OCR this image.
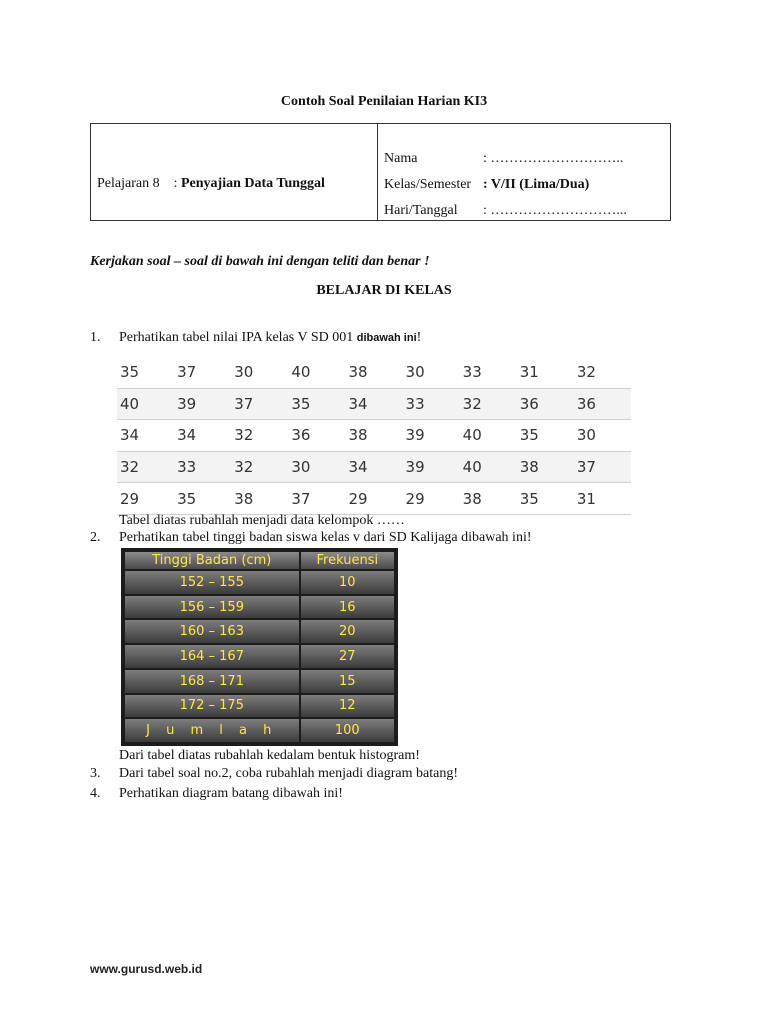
Contoh Soal Penilaian Harian KI3
Pelajaran 8 : Penyajian Data Tunggal
Nama	: ………………………..
Kelas/Semester : V/II (Lima/Dua)
Hari/Tanggal : ………………………...
Kerjakan soal – soal di bawah ini dengan teliti dan benar !
BELAJAR DI KELAS
1. Perhatikan tabel nilai IPA kelas V SD 001 dibawah ini!
35	37	30	40	38	30	33	31	32
40	39	37	35	34	33	32	36	36
34	34	32	36	38	39	40	35	30
32	33	32	30	34	39	40	38	37
29	35	38	37	29	29	38	35	31
Tabel diatas rubahlah menjadi data kelompok ……
2. Perhatikan tabel tinggi badan siswa kelas v dari SD Kalijaga dibawah ini!
Tinggi Badan (cm)	Frekuensi
152 – 155	10
156 – 159	16
160 – 163	20
164 – 167	27
168 – 171	15
172 – 175	12
J u m l a h	100
Dari tabel diatas rubahlah kedalam bentuk histogram!
3. Dari tabel soal no.2, coba rubahlah menjadi diagram batang!
4. Perhatikan diagram batang dibawah ini!
www.gurusd.web.id
